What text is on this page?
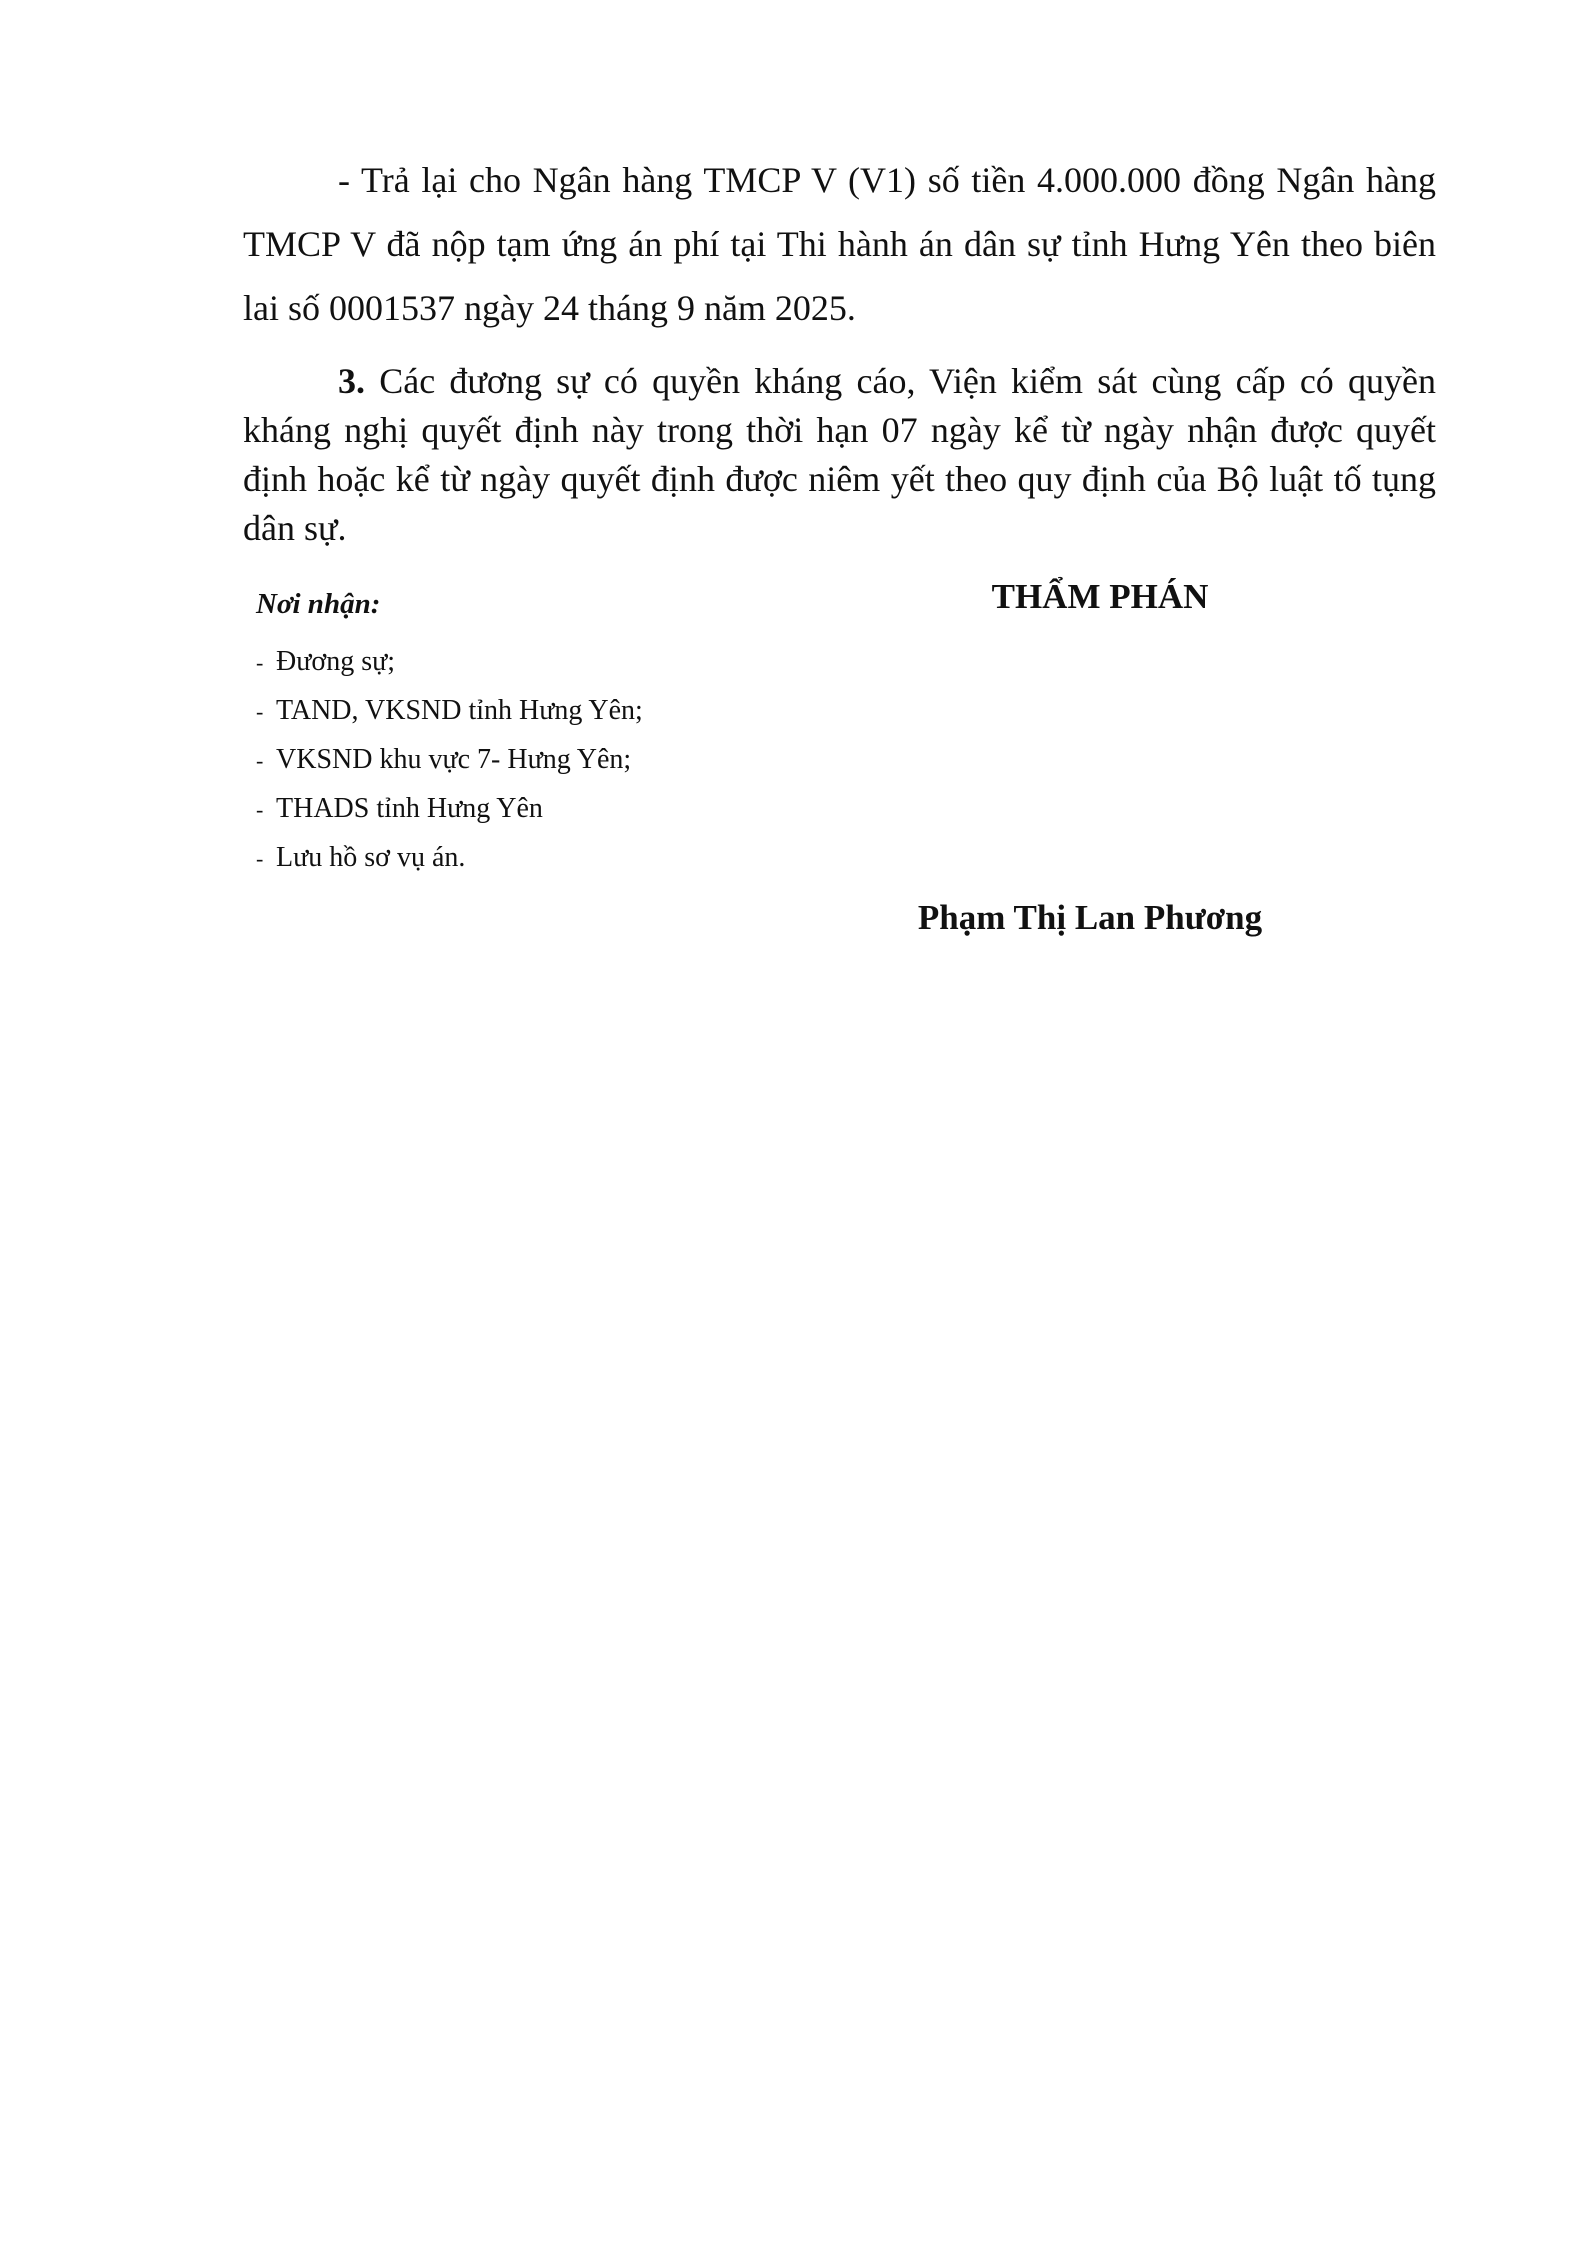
- Trả lại cho Ngân hàng TMCP V (V1) số tiền 4.000.000 đồng Ngân hàng TMCP V đã nộp tạm ứng án phí tại Thi hành án dân sự tỉnh Hưng Yên theo biên lai số 0001537 ngày 24 tháng 9 năm 2025.

3. Các đương sự có quyền kháng cáo, Viện kiểm sát cùng cấp có quyền kháng nghị quyết định này trong thời hạn 07 ngày kể từ ngày nhận được quyết định hoặc kể từ ngày quyết định được niêm yết theo quy định của Bộ luật tố tụng dân sự.

Nơi nhận:

- Đương sự;
- TAND, VKSND tỉnh Hưng Yên;
- VKSND khu vực 7- Hưng Yên;
- THADS tỉnh Hưng Yên
- Lưu hồ sơ vụ án.

THẨM PHÁN

Phạm Thị Lan Phương
